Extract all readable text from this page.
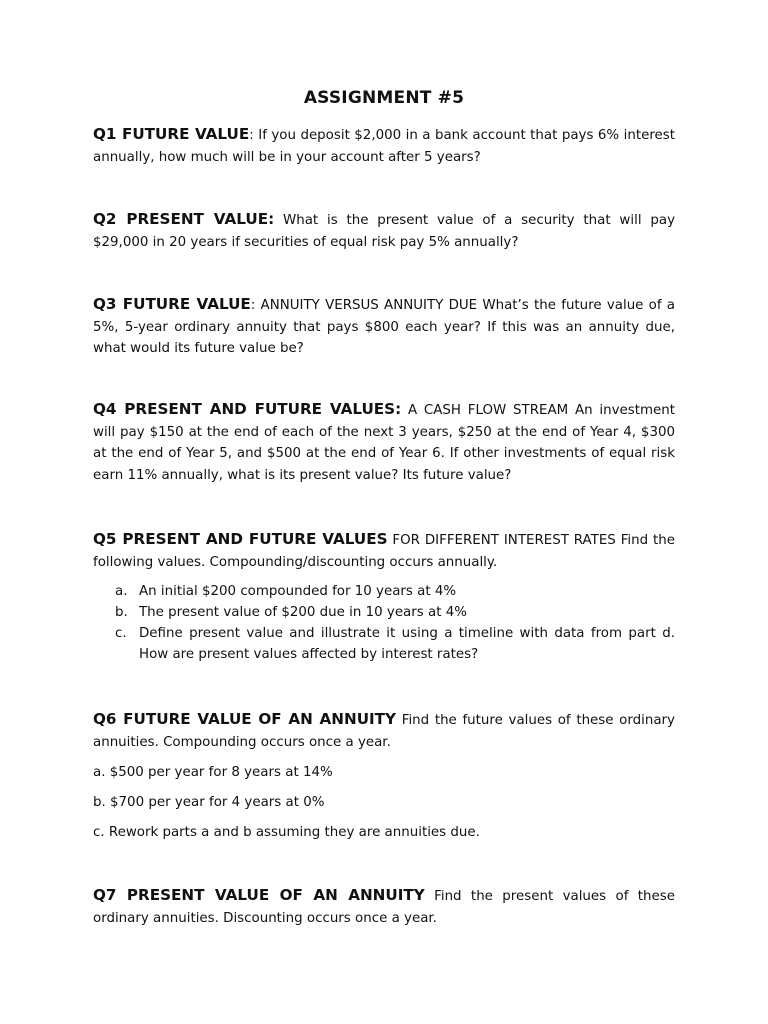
ASSIGNMENT #5
Q1 FUTURE VALUE: If you deposit $2,000 in a bank account that pays 6% interest annually, how much will be in your account after 5 years?
Q2 PRESENT VALUE: What is the present value of a security that will pay $29,000 in 20 years if securities of equal risk pay 5% annually?
Q3 FUTURE VALUE: ANNUITY VERSUS ANNUITY DUE What’s the future value of a 5%, 5-year ordinary annuity that pays $800 each year? If this was an annuity due, what would its future value be?
Q4 PRESENT AND FUTURE VALUES: A CASH FLOW STREAM An investment will pay $150 at the end of each of the next 3 years, $250 at the end of Year 4, $300 at the end of Year 5, and $500 at the end of Year 6. If other investments of equal risk earn 11% annually, what is its present value? Its future value?
Q5 PRESENT AND FUTURE VALUES FOR DIFFERENT INTEREST RATES Find the following values. Compounding/discounting occurs annually.
a. An initial $200 compounded for 10 years at 4%
b. The present value of $200 due in 10 years at 4%
c. Define present value and illustrate it using a timeline with data from part d. How are present values affected by interest rates?
Q6 FUTURE VALUE OF AN ANNUITY Find the future values of these ordinary annuities. Compounding occurs once a year.
a. $500 per year for 8 years at 14%
b. $700 per year for 4 years at 0%
c. Rework parts a and b assuming they are annuities due.
Q7 PRESENT VALUE OF AN ANNUITY Find the present values of these ordinary annuities. Discounting occurs once a year.
